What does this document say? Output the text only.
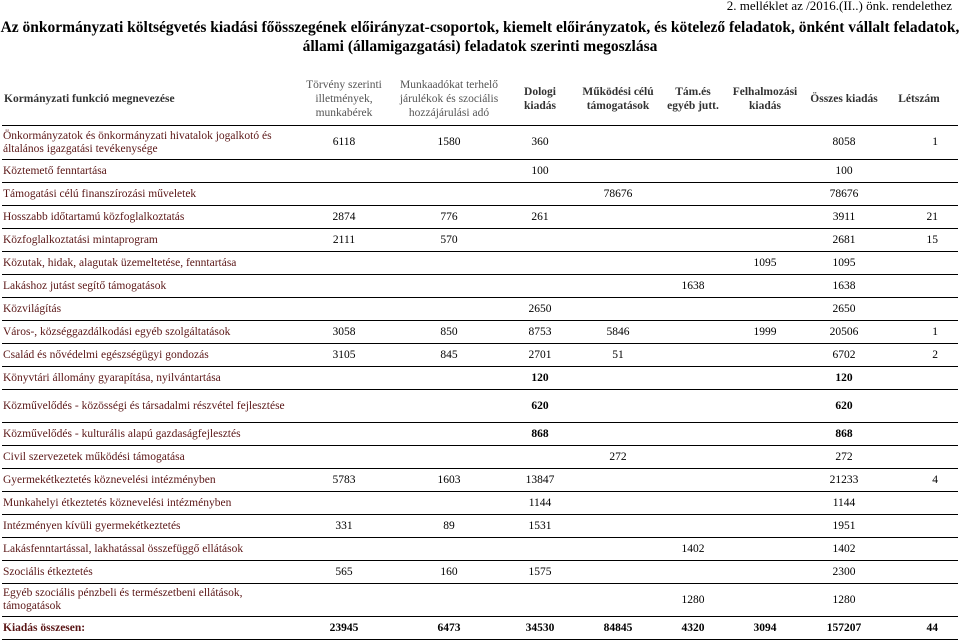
2. melléklet az /2016.(II..) önk. rendelethez
Az önkormányzati költségvetés kiadási főösszegének előirányzat-csoportok, kiemelt előirányzatok, és kötelező feladatok, önként vállalt feladatok,
állami (államigazgatási) feladatok szerinti megoszlása
Kormányzati funkció megnevezése	Törvény szerinti illetmények, munkabérek	Munkaadókat terhelő járulékok és szociális hozzájárulási adó	Dologi kiadás	Működési célú támogatások	Tám.és egyéb jutt.	Felhalmozási kiadás	Összes kiadás	Létszám
Önkormányzatok és önkormányzati hivatalok jogalkotó és általános igazgatási tevékenysége	6118	1580	360				8058	1
Köztemető fenntartása			100				100	
Támogatási célú finanszírozási műveletek				78676			78676	
Hosszabb időtartamú közfoglalkoztatás	2874	776	261				3911	21
Közfoglalkoztatási mintaprogram	2111	570					2681	15
Közutak, hidak, alagutak üzemeltetése, fenntartása						1095	1095	
Lakáshoz jutást segítő támogatások					1638		1638	
Közvilágítás			2650				2650	
Város-, községgazdálkodási egyéb szolgáltatások	3058	850	8753	5846		1999	20506	1
Család és nővédelmi egészségügyi gondozás	3105	845	2701	51			6702	2
Könyvtári állomány gyarapítása, nyilvántartása			120				120	
Közművelődés - közösségi és társadalmi részvétel fejlesztése			620				620	
Közművelődés - kulturális alapú gazdaságfejlesztés			868				868	
Civil szervezetek működési támogatása				272			272	
Gyermekétkeztetés köznevelési intézményben	5783	1603	13847				21233	4
Munkahelyi étkeztetés köznevelési intézményben			1144				1144	
Intézményen kívüli gyermekétkeztetés	331	89	1531				1951	
Lakásfenntartással, lakhatással összefüggő ellátások					1402		1402	
Szociális étkeztetés	565	160	1575				2300	
Egyéb szociális pénzbeli és természetbeni ellátások, támogatások					1280		1280	
Kiadás összesen:	23945	6473	34530	84845	4320	3094	157207	44
